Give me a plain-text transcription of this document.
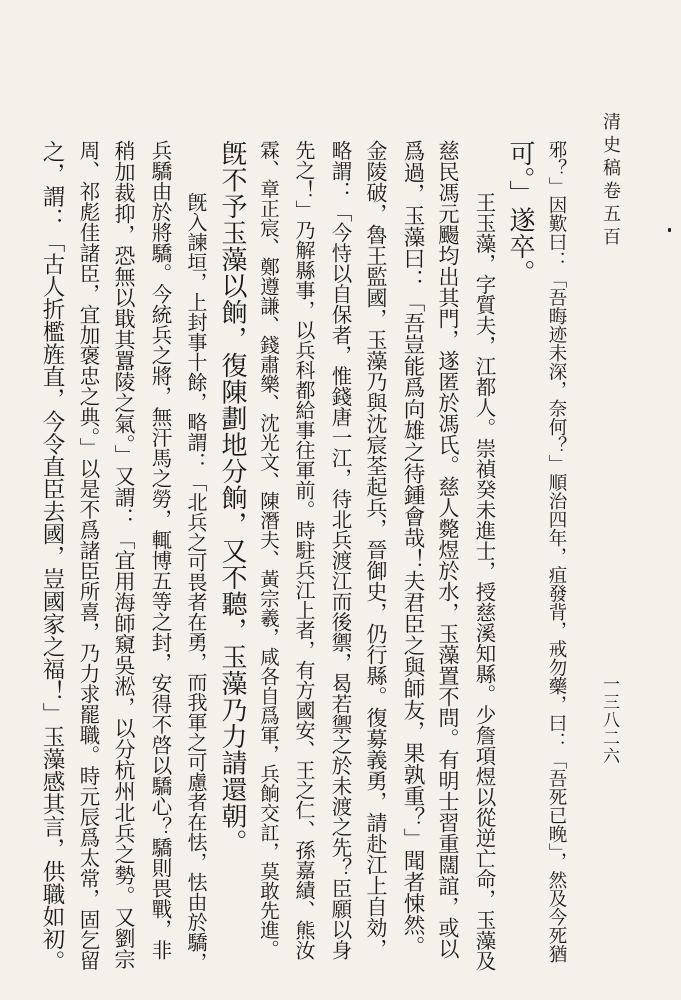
清史稿卷五百
一三八二六
邪？」因歎曰：「吾晦迹未深，奈何？」順治四年，疽發背，戒勿藥，曰：「吾死已晚」，然及今死猶
可。」遂卒。
王玉藻，字質夫，江都人。崇禎癸未進士，授慈溪知縣。少詹項煜以從逆亡命，玉藻及
慈民馮元颺均出其門，遂匿於馮氏。慈人斃煜於水，玉藻置不問。有明士習重闊誼，或以
爲過，玉藻曰：「吾豈能爲向雄之待鍾會哉！夫君臣之與師友，果孰重？」聞者悚然。
金陵破，魯王監國，玉藻乃與沈宸荃起兵，晉御史，仍行縣。復募義勇，請赴江上自効，
略謂：「今恃以自保者，惟錢唐一江，待北兵渡江而後禦，曷若禦之於未渡之先？臣願以身
先之！」乃解縣事，以兵科都給事往軍前。時駐兵江上者，有方國安、王之仁、孫嘉績、熊汝
霖、章正宸、鄭遵謙、錢肅樂、沈光文、陳潛夫、黃宗羲，咸各自爲軍，兵餉交訌，莫敢先進。
旣不予玉藻以餉，復陳劃地分餉，又不聽，玉藻乃力請還朝。
旣入諫垣，上封事十餘，略謂：「北兵之可畏者在勇，而我軍之可慮者在怯，怯由於驕，
兵驕由於將驕。今統兵之將，無汗馬之勞，輒博五等之封，安得不啓以驕心？驕則畏戰，非
稍加裁抑，恐無以戢其囂陵之氣。」又謂：「宜用海師窺吳淞，以分杭州北兵之勢。又劉宗
周、祁彪佳諸臣，宜加褒忠之典。」以是不爲諸臣所喜，乃力求罷職。時元辰爲太常，固乞留
之，謂：「古人折檻旌直，今令直臣去國，豈國家之福！」玉藻感其言，供職如初。
